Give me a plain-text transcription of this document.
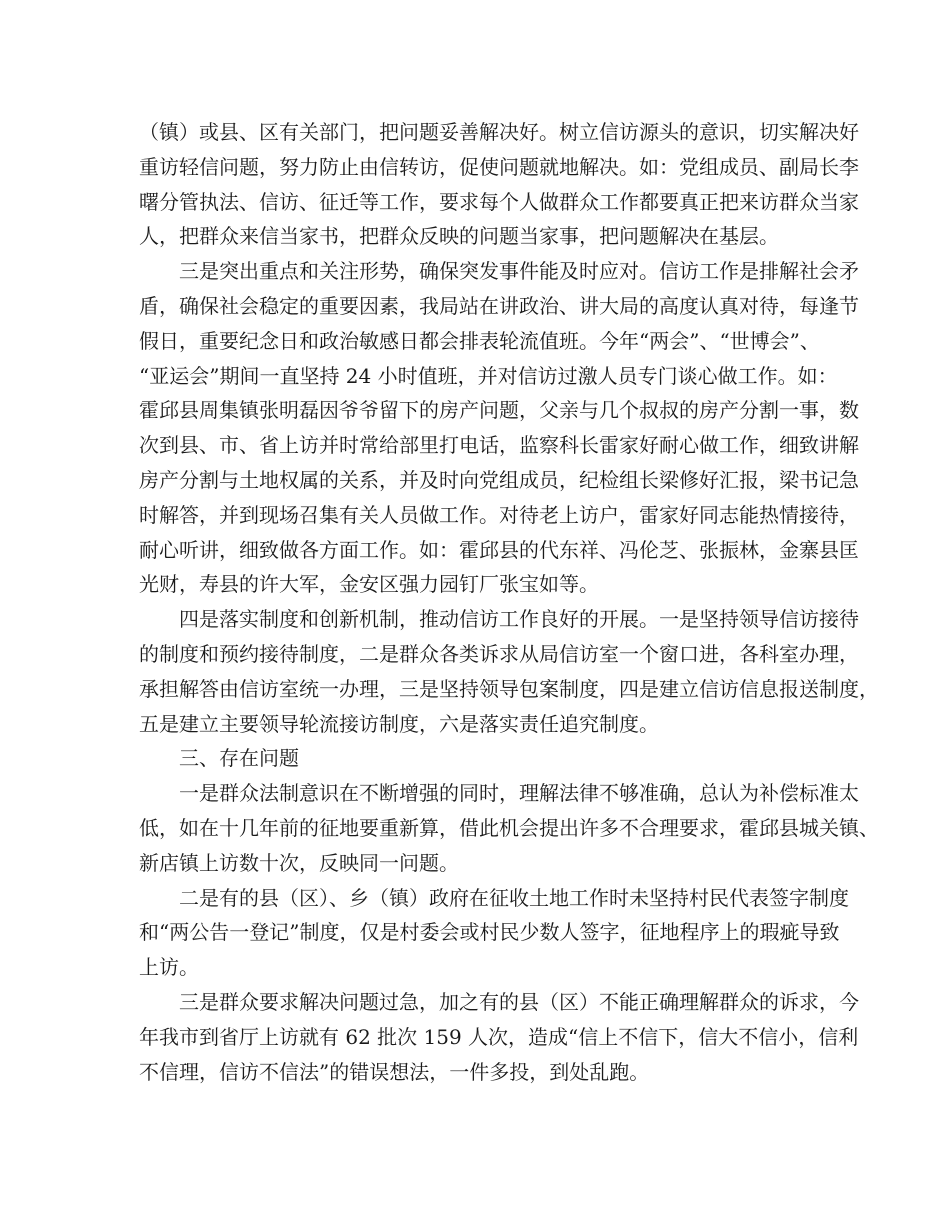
（镇）或县、区有关部门，把问题妥善解决好。树立信访源头的意识，切实解决好
重访轻信问题，努力防止由信转访，促使问题就地解决。如：党组成员、副局长李
曙分管执法、信访、征迁等工作，要求每个人做群众工作都要真正把来访群众当家
人，把群众来信当家书，把群众反映的问题当家事，把问题解决在基层。
三是突出重点和关注形势，确保突发事件能及时应对。信访工作是排解社会矛
盾，确保社会稳定的重要因素，我局站在讲政治、讲大局的高度认真对待，每逢节
假日，重要纪念日和政治敏感日都会排表轮流值班。今年“两会”、“世博会”、
“亚运会”期间一直坚持 24 小时值班，并对信访过激人员专门谈心做工作。如：
霍邱县周集镇张明磊因爷爷留下的房产问题，父亲与几个叔叔的房产分割一事，数
次到县、市、省上访并时常给部里打电话，监察科长雷家好耐心做工作，细致讲解
房产分割与土地权属的关系，并及时向党组成员，纪检组长梁修好汇报，梁书记急
时解答，并到现场召集有关人员做工作。对待老上访户，雷家好同志能热情接待，
耐心听讲，细致做各方面工作。如：霍邱县的代东祥、冯伦芝、张振林，金寨县匡
光财，寿县的许大军，金安区强力园钉厂张宝如等。
四是落实制度和创新机制，推动信访工作良好的开展。一是坚持领导信访接待
的制度和预约接待制度，二是群众各类诉求从局信访室一个窗口进，各科室办理，
承担解答由信访室统一办理，三是坚持领导包案制度，四是建立信访信息报送制度，
五是建立主要领导轮流接访制度，六是落实责任追究制度。
三、存在问题
一是群众法制意识在不断增强的同时，理解法律不够准确，总认为补偿标准太
低，如在十几年前的征地要重新算，借此机会提出许多不合理要求，霍邱县城关镇、
新店镇上访数十次，反映同一问题。
二是有的县（区）、乡（镇）政府在征收土地工作时未坚持村民代表签字制度
和“两公告一登记”制度，仅是村委会或村民少数人签字，征地程序上的瑕疵导致
上访。
三是群众要求解决问题过急，加之有的县（区）不能正确理解群众的诉求，今
年我市到省厅上访就有 62 批次 159 人次，造成“信上不信下，信大不信小，信利
不信理，信访不信法”的错误想法，一件多投，到处乱跑。
